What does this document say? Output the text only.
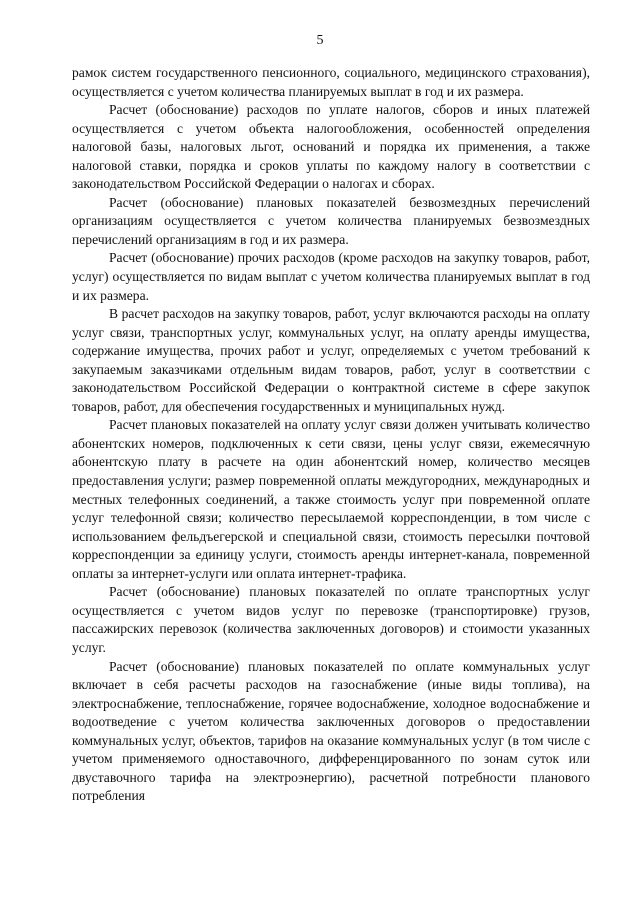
5

рамок систем государственного пенсионного, социального, медицинского страхования), осуществляется с учетом количества планируемых выплат в год и их размера.

Расчет (обоснование) расходов по уплате налогов, сборов и иных платежей осуществляется с учетом объекта налогообложения, особенностей определения налоговой базы, налоговых льгот, оснований и порядка их применения, а также налоговой ставки, порядка и сроков уплаты по каждому налогу в соответствии с законодательством Российской Федерации о налогах и сборах.

Расчет (обоснование) плановых показателей безвозмездных перечислений организациям осуществляется с учетом количества планируемых безвозмездных перечислений организациям в год и их размера.

Расчет (обоснование) прочих расходов (кроме расходов на закупку товаров, работ, услуг) осуществляется по видам выплат с учетом количества планируемых выплат в год и их размера.

В расчет расходов на закупку товаров, работ, услуг включаются расходы на оплату услуг связи, транспортных услуг, коммунальных услуг, на оплату аренды имущества, содержание имущества, прочих работ и услуг, определяемых с учетом требований к закупаемым заказчиками отдельным видам товаров, работ, услуг в соответствии с законодательством Российской Федерации о контрактной системе в сфере закупок товаров, работ, для обеспечения государственных и муниципальных нужд.

Расчет плановых показателей на оплату услуг связи должен учитывать количество абонентских номеров, подключенных к сети связи, цены услуг связи, ежемесячную абонентскую плату в расчете на один абонентский номер, количество месяцев предоставления услуги; размер повременной оплаты междугородних, международных и местных телефонных соединений, а также стоимость услуг при повременной оплате услуг телефонной связи; количество пересылаемой корреспонденции, в том числе с использованием фельдъегерской и специальной связи, стоимость пересылки почтовой корреспонденции за единицу услуги, стоимость аренды интернет-канала, повременной оплаты за интернет-услуги или оплата интернет-трафика.

Расчет (обоснование) плановых показателей по оплате транспортных услуг осуществляется с учетом видов услуг по перевозке (транспортировке) грузов, пассажирских перевозок (количества заключенных договоров) и стоимости указанных услуг.

Расчет (обоснование) плановых показателей по оплате коммунальных услуг включает в себя расчеты расходов на газоснабжение (иные виды топлива), на электроснабжение, теплоснабжение, горячее водоснабжение, холодное водоснабжение и водоотведение с учетом количества заключенных договоров о предоставлении коммунальных услуг, объектов, тарифов на оказание коммунальных услуг (в том числе с учетом применяемого одноставочного, дифференцированного по зонам суток или двуставочного тарифа на электроэнергию), расчетной потребности планового потребления
